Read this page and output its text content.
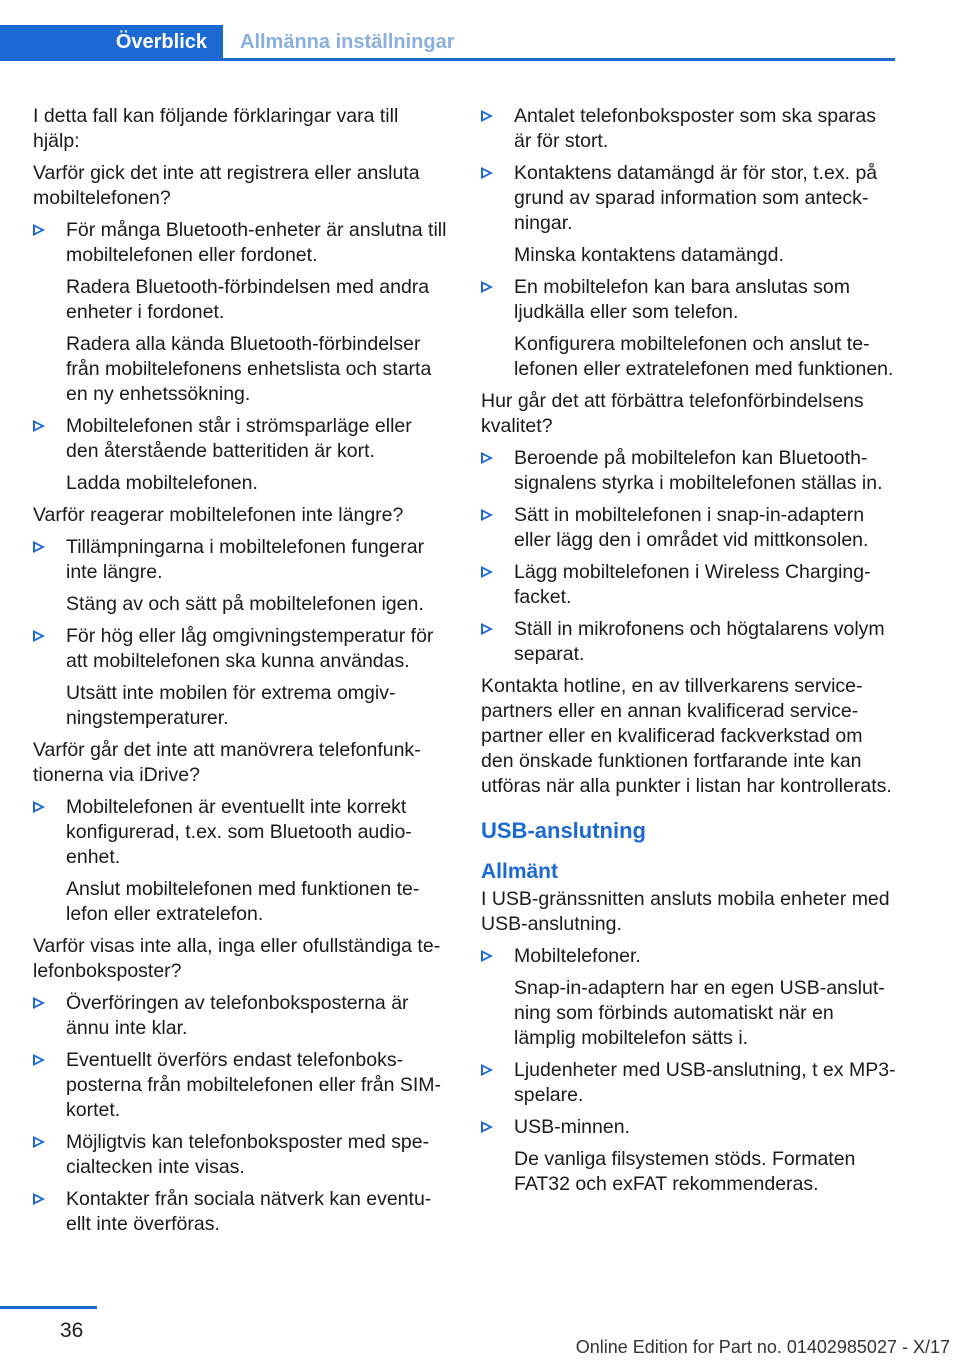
Överblick	Allmänna inställningar

I detta fall kan följande förklaringar vara till hjälp:

Varför gick det inte att registrera eller ansluta mobiltelefonen?

För många Bluetooth-enheter är anslutna till mobiltelefonen eller fordonet.

Radera Bluetooth-förbindelsen med andra enheter i fordonet.

Radera alla kända Bluetooth-förbindelser från mobiltelefonens enhetslista och starta en ny enhetssökning.

Mobiltelefonen står i strömsparläge eller den återstående batteritiden är kort.

Ladda mobiltelefonen.

Varför reagerar mobiltelefonen inte längre?

Tillämpningarna i mobiltelefonen fungerar inte längre.

Stäng av och sätt på mobiltelefonen igen.

För hög eller låg omgivningstemperatur för att mobiltelefonen ska kunna användas.

Utsätt inte mobilen för extrema omgivningstemperaturer.

Varför går det inte att manövrera telefonfunktionerna via iDrive?

Mobiltelefonen är eventuellt inte korrekt konfigurerad, t.ex. som Bluetooth audio-enhet.

Anslut mobiltelefonen med funktionen telefon eller extratelefon.

Varför visas inte alla, inga eller ofullständiga telefonboksposter?

Överföringen av telefonboksposterna är ännu inte klar.

Eventuellt överförs endast telefonboksposterna från mobiltelefonen eller från SIM-kortet.

Möjligtvis kan telefonboksposter med specialtecken inte visas.

Kontakter från sociala nätverk kan eventuellt inte överföras.

Antalet telefonboksposter som ska sparas är för stort.

Kontaktens datamängd är för stor, t.ex. på grund av sparad information som anteckningar.

Minska kontaktens datamängd.

En mobiltelefon kan bara anslutas som ljudkälla eller som telefon.

Konfigurera mobiltelefonen och anslut telefonen eller extratelefonen med funktionen.

Hur går det att förbättra telefonförbindelsens kvalitet?

Beroende på mobiltelefon kan Bluetooth-signalens styrka i mobiltelefonen ställas in.

Sätt in mobiltelefonen i snap-in-adaptern eller lägg den i området vid mittkonsolen.

Lägg mobiltelefonen i Wireless Charging-facket.

Ställ in mikrofonens och högtalarens volym separat.

Kontakta hotline, en av tillverkarens servicepartners eller en annan kvalificerad servicepartner eller en kvalificerad fackverkstad om den önskade funktionen fortfarande inte kan utföras när alla punkter i listan har kontrollerats.

USB-anslutning
Allmänt

I USB-gränssnitten ansluts mobila enheter med USB-anslutning.

Mobiltelefoner.

Snap-in-adaptern har en egen USB-anslutning som förbinds automatiskt när en lämplig mobiltelefon sätts i.

Ljudenheter med USB-anslutning, t ex MP3-spelare.

USB-minnen.

De vanliga filsystemen stöds. Formaten FAT32 och exFAT rekommenderas.

36
Online Edition for Part no. 01402985027 - X/17
